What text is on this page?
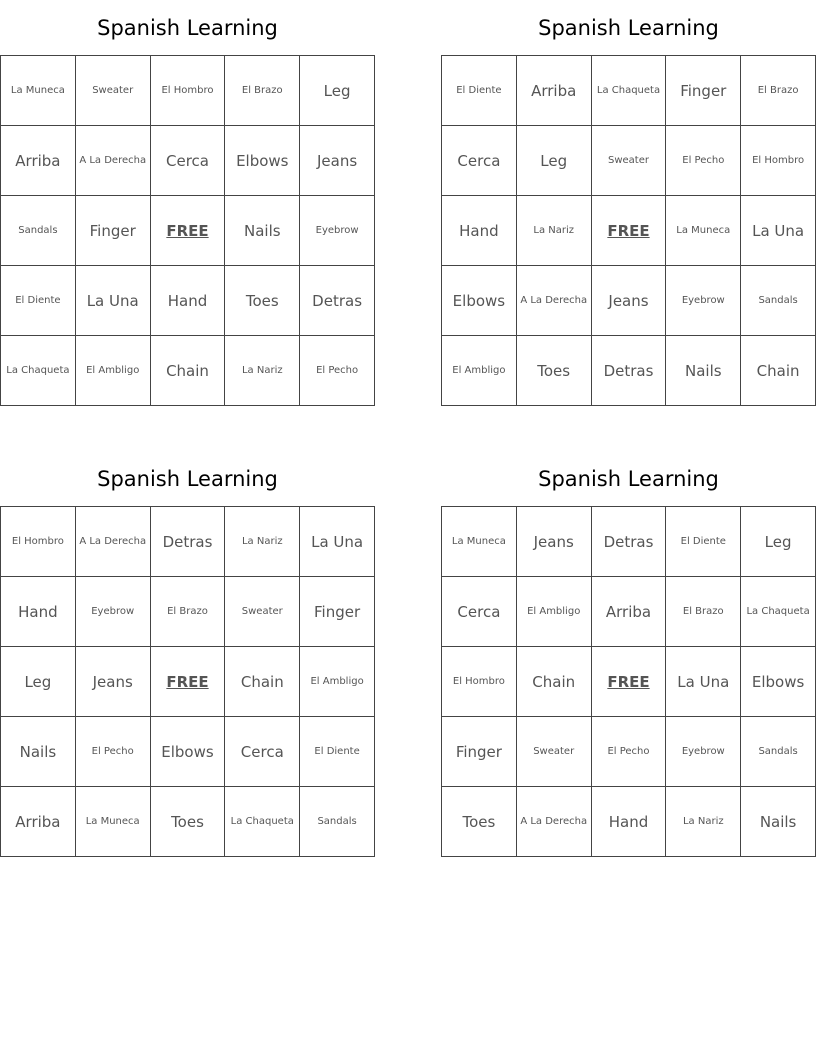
Spanish Learning
La Muneca	Sweater	El Hombro	El Brazo	Leg
Arriba	A La Derecha	Cerca	Elbows	Jeans
Sandals	Finger	FREE	Nails	Eyebrow
El Diente	La Una	Hand	Toes	Detras
La Chaqueta	El Ambligo	Chain	La Nariz	El Pecho
Spanish Learning
El Diente	Arriba	La Chaqueta	Finger	El Brazo
Cerca	Leg	Sweater	El Pecho	El Hombro
Hand	La Nariz	FREE	La Muneca	La Una
Elbows	A La Derecha	Jeans	Eyebrow	Sandals
El Ambligo	Toes	Detras	Nails	Chain
Spanish Learning
El Hombro	A La Derecha	Detras	La Nariz	La Una
Hand	Eyebrow	El Brazo	Sweater	Finger
Leg	Jeans	FREE	Chain	El Ambligo
Nails	El Pecho	Elbows	Cerca	El Diente
Arriba	La Muneca	Toes	La Chaqueta	Sandals
Spanish Learning
La Muneca	Jeans	Detras	El Diente	Leg
Cerca	El Ambligo	Arriba	El Brazo	La Chaqueta
El Hombro	Chain	FREE	La Una	Elbows
Finger	Sweater	El Pecho	Eyebrow	Sandals
Toes	A La Derecha	Hand	La Nariz	Nails
